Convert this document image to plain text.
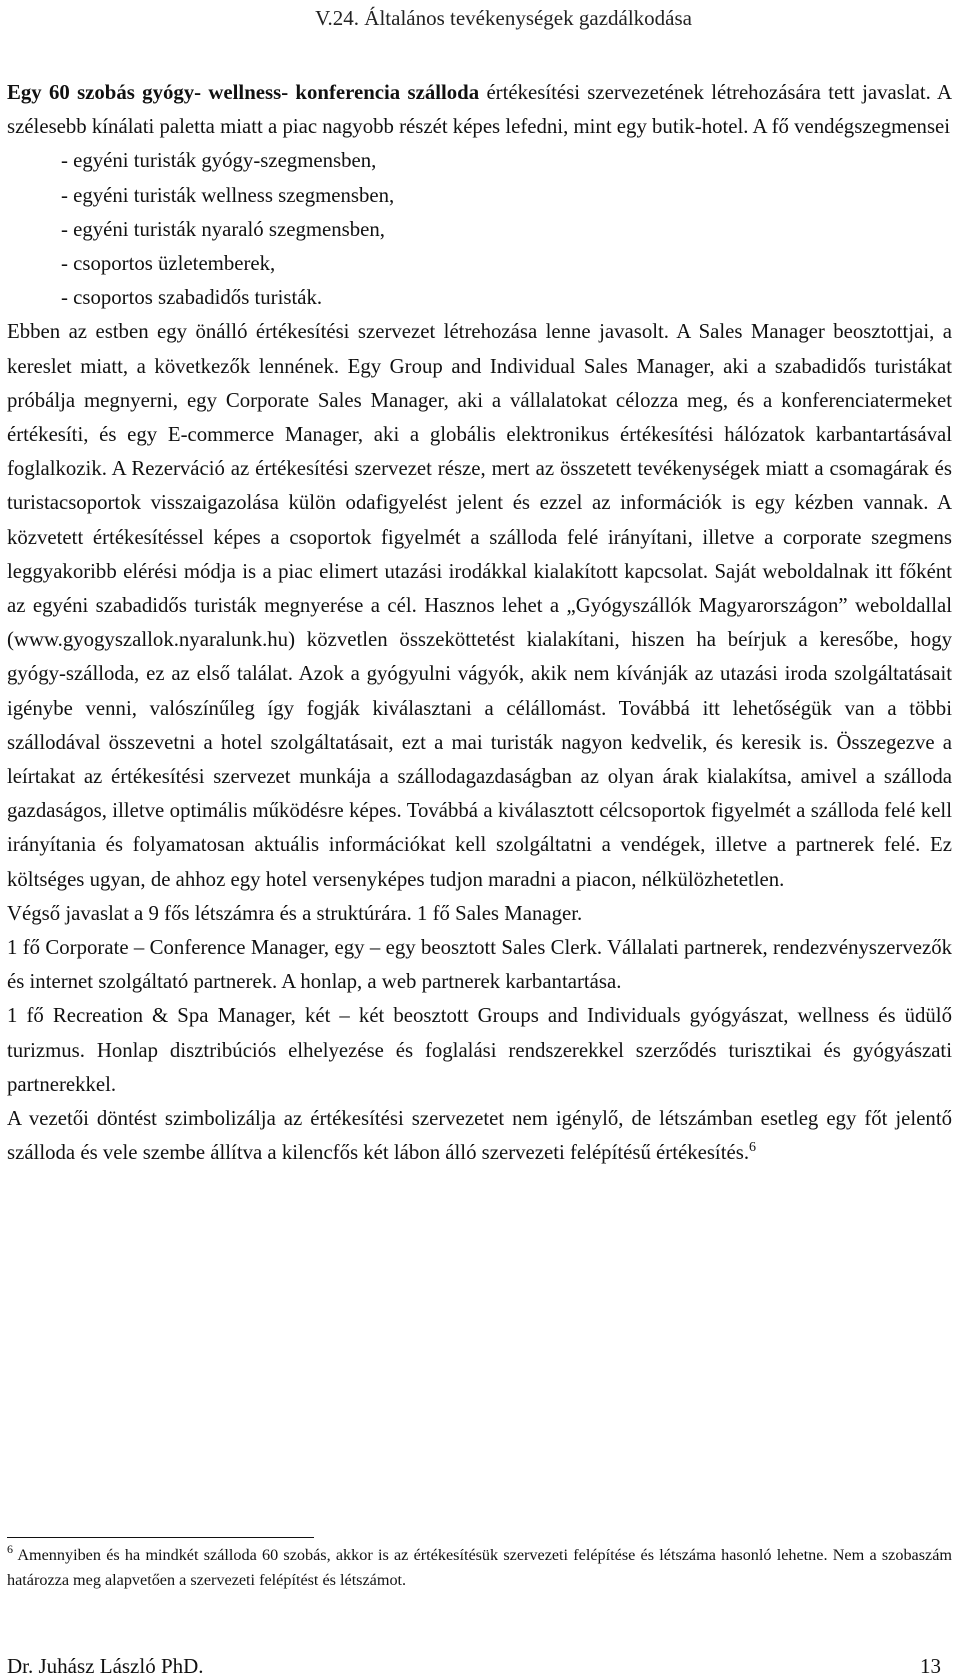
V.24. Általános tevékenységek gazdálkodása

Egy 60 szobás gyógy- wellness- konferencia szálloda értékesítési szervezetének létrehozására tett javaslat. A szélesebb kínálati paletta miatt a piac nagyobb részét képes lefedni, mint egy butik-hotel. A fő vendégszegmensei

- egyéni turisták gyógy-szegmensben,
- egyéni turisták wellness szegmensben,
- egyéni turisták nyaraló szegmensben,
- csoportos üzletemberek,
- csoportos szabadidős turisták.

Ebben az estben egy önálló értékesítési szervezet létrehozása lenne javasolt. A Sales Manager beosztottjai, a kereslet miatt, a következők lennének. Egy Group and Individual Sales Manager, aki a szabadidős turistákat próbálja megnyerni, egy Corporate Sales Manager, aki a vállalatokat célozza meg, és a konferenciatermeket értékesíti, és egy E-commerce Manager, aki a globális elektronikus értékesítési hálózatok karbantartásával foglalkozik. A Rezerváció az értékesítési szervezet része, mert az összetett tevékenységek miatt a csomagárak és turistacsoportok visszaigazolása külön odafigyelést jelent és ezzel az információk is egy kézben vannak. A közvetett értékesítéssel képes a csoportok figyelmét a szálloda felé irányítani, illetve a corporate szegmens leggyakoribb elérési módja is a piac elimert utazási irodákkal kialakított kapcsolat. Saját weboldalnak itt főként az egyéni szabadidős turisták megnyerése a cél. Hasznos lehet a „Gyógyszállók Magyarországon” weboldallal (www.gyogyszallok.nyaralunk.hu) közvetlen összeköttetést kialakítani, hiszen ha beírjuk a keresőbe, hogy gyógy-szálloda, ez az első találat. Azok a gyógyulni vágyók, akik nem kívánják az utazási iroda szolgáltatásait igénybe venni, valószínűleg így fogják kiválasztani a célállomást. Továbbá itt lehetőségük van a többi szállodával összevetni a hotel szolgáltatásait, ezt a mai turisták nagyon kedvelik, és keresik is. Összegezve a leírtakat az értékesítési szervezet munkája a szállodagazdaságban az olyan árak kialakítsa, amivel a szálloda gazdaságos, illetve optimális működésre képes. Továbbá a kiválasztott célcsoportok figyelmét a szálloda felé kell irányítania és folyamatosan aktuális információkat kell szolgáltatni a vendégek, illetve a partnerek felé. Ez költséges ugyan, de ahhoz egy hotel versenyképes tudjon maradni a piacon, nélkülözhetetlen.

Végső javaslat a 9 fős létszámra és a struktúrára. 1 fő Sales Manager.

1 fő Corporate – Conference Manager, egy – egy beosztott Sales Clerk. Vállalati partnerek, rendezvényszervezők és internet szolgáltató partnerek. A honlap, a web partnerek karbantartása.

1 fő Recreation & Spa Manager, két – két beosztott Groups and Individuals gyógyászat, wellness és üdülő turizmus. Honlap disztribúciós elhelyezése és foglalási rendszerekkel szerződés turisztikai és gyógyászati partnerekkel.

A vezetői döntést szimbolizálja az értékesítési szervezetet nem igénylő, de létszámban esetleg egy főt jelentő szálloda és vele szembe állítva a kilencfős két lábon álló szervezeti felépítésű értékesítés.$^6$

$^6$ Amennyiben és ha mindkét szálloda 60 szobás, akkor is az értékesítésük szervezeti felépítése és létszáma hasonló lehetne. Nem a szobaszám határozza meg alapvetően a szervezeti felépítést és létszámot.
Dr. Juhász László PhD.	13
